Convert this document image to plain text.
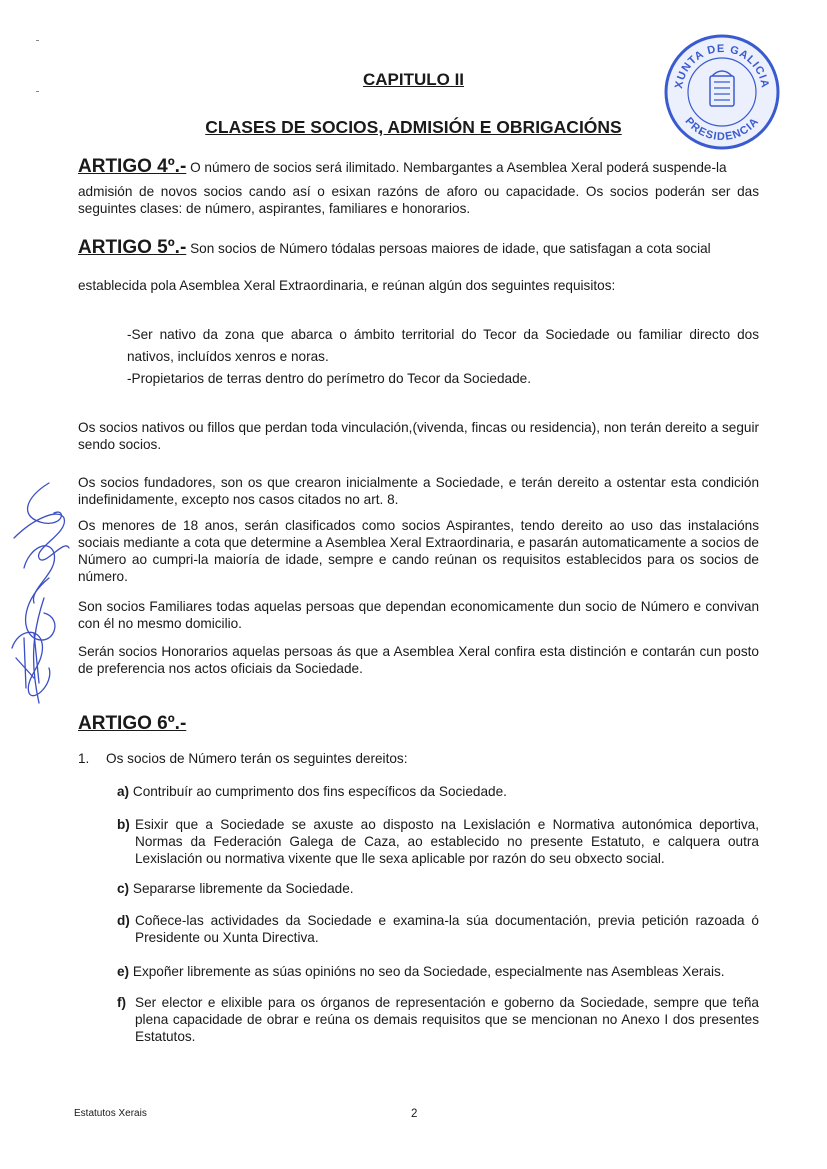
CAPITULO II
CLASES DE SOCIOS, ADMISIÓN E OBRIGACIÓNS
XUNTA DE GALICIA
PRESIDENCIA
ARTIGO 4º.- O número de socios será ilimitado. Nembargantes a Asemblea Xeral poderá suspende-la
admisión de novos socios cando así o esixan razóns de aforo ou capacidade. Os socios poderán ser das seguintes clases: de número, aspirantes, familiares e honorarios.
ARTIGO 5º.- Son socios de Número tódalas persoas maiores de idade, que satisfagan a cota social
establecida pola Asemblea Xeral Extraordinaria, e reúnan algún dos seguintes requisitos:
-Ser nativo da zona que abarca o ámbito territorial do Tecor da Sociedade ou familiar directo dos nativos, incluídos xenros e noras.
-Propietarios de terras dentro do perímetro do Tecor da Sociedade.
Os socios nativos ou fillos que perdan toda vinculación,(vivenda, fincas ou residencia), non terán dereito a seguir sendo socios.
Os socios fundadores, son os que crearon inicialmente a Sociedade, e terán dereito a ostentar esta condición indefinidamente, excepto nos casos citados no art. 8.
Os menores de 18 anos, serán clasificados como socios Aspirantes, tendo dereito ao uso das instalacións sociais mediante a cota que determine a Asemblea Xeral Extraordinaria, e pasarán automaticamente a socios de Número ao cumpri-la maioría de idade, sempre e cando reúnan os requisitos establecidos para os socios de número.
Son socios Familiares todas aquelas persoas que dependan economicamente dun socio de Número e convivan con él no mesmo domicilio.
Serán socios Honorarios aquelas persoas ás que a Asemblea Xeral confira esta distinción e contarán cun posto de preferencia nos actos oficiais da Sociedade.
ARTIGO 6º.-
1. Os socios de Número terán os seguintes dereitos:
a) Contribuír ao cumprimento dos fins específicos da Sociedade.
b) Esixir que a Sociedade se axuste ao disposto na Lexislación e Normativa autonómica deportiva, Normas da Federación Galega de Caza, ao establecido no presente Estatuto, e calquera outra Lexislación ou normativa vixente que lle sexa aplicable por razón do seu obxecto social.
c) Separarse libremente da Sociedade.
d) Coñece-las actividades da Sociedade e examina-la súa documentación, previa petición razoada ó Presidente ou Xunta Directiva.
e) Expoñer libremente as súas opinións no seo da Sociedade, especialmente nas Asembleas Xerais.
f) Ser elector e elixible para os órganos de representación e goberno da Sociedade, sempre que teña plena capacidade de obrar e reúna os demais requisitos que se mencionan no Anexo I dos presentes Estatutos.
Estatutos Xerais	2
